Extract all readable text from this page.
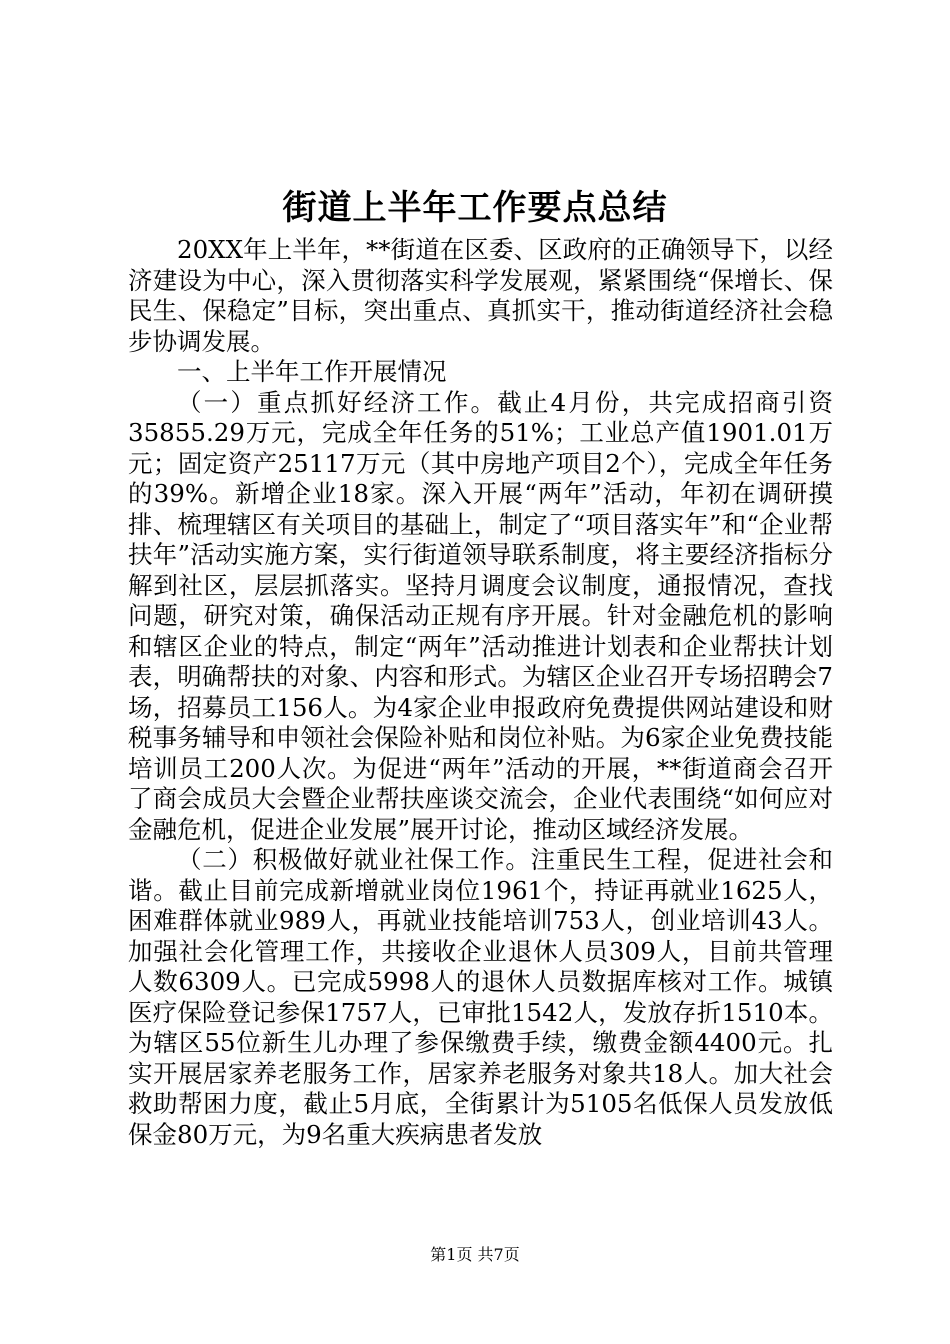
街道上半年工作要点总结

20XX年上半年，**街道在区委、区政府的正确领导下，以经济建设为中心，深入贯彻落实科学发展观，紧紧围绕“保增长、保民生、保稳定”目标，突出重点、真抓实干，推动街道经济社会稳步协调发展。

一、上半年工作开展情况

（一）重点抓好经济工作。截止4月份，共完成招商引资35855.29万元，完成全年任务的51%；工业总产值1901.01万元；固定资产25117万元（其中房地产项目2个），完成全年任务的39%。新增企业18家。深入开展“两年”活动，年初在调研摸排、梳理辖区有关项目的基础上，制定了“项目落实年”和“企业帮扶年”活动实施方案，实行街道领导联系制度，将主要经济指标分解到社区，层层抓落实。坚持月调度会议制度，通报情况，查找问题，研究对策，确保活动正规有序开展。针对金融危机的影响和辖区企业的特点，制定“两年”活动推进计划表和企业帮扶计划表，明确帮扶的对象、内容和形式。为辖区企业召开专场招聘会7场，招募员工156人。为4家企业申报政府免费提供网站建设和财税事务辅导和申领社会保险补贴和岗位补贴。为6家企业免费技能培训员工200人次。为促进“两年”活动的开展，**街道商会召开了商会成员大会暨企业帮扶座谈交流会，企业代表围绕“如何应对金融危机，促进企业发展”展开讨论，推动区域经济发展。

（二）积极做好就业社保工作。注重民生工程，促进社会和谐。截止目前完成新增就业岗位1961个，持证再就业1625人，困难群体就业989人，再就业技能培训753人，创业培训43人。加强社会化管理工作，共接收企业退休人员309人，目前共管理人数6309人。已完成5998人的退休人员数据库核对工作。城镇医疗保险登记参保1757人，已审批1542人，发放存折1510本。为辖区55位新生儿办理了参保缴费手续，缴费金额4400元。扎实开展居家养老服务工作，居家养老服务对象共18人。加大社会救助帮困力度，截止5月底，全街累计为5105名低保人员发放低保金80万元，为9名重大疾病患者发放

第1页 共7页
